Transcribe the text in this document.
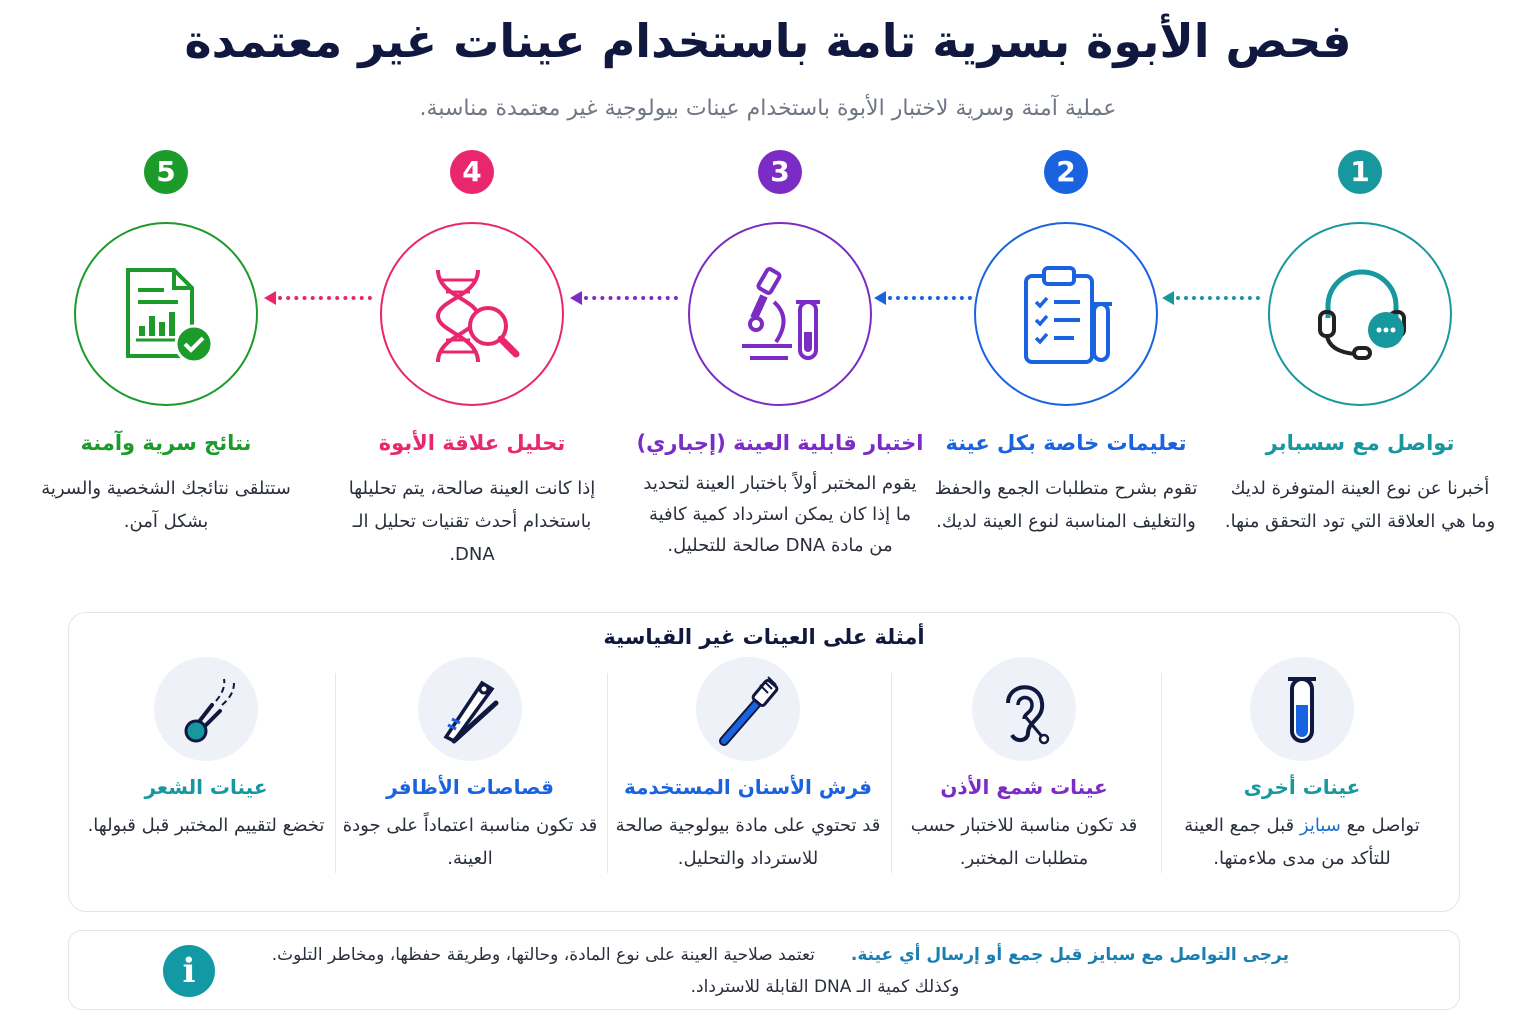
فحص الأبوة بسرية تامة باستخدام عينات غير معتمدة
عملية آمنة وسرية لاختبار الأبوة باستخدام عينات بيولوجية غير معتمدة مناسبة.
1
تواصل مع سسبابر
أخبرنا عن نوع العينة المتوفرة لديك وما هي العلاقة التي تود التحقق منها.
2
تعليمات خاصة بكل عينة
تقوم بشرح متطلبات الجمع والحفظ والتغليف المناسبة لنوع العينة لديك.
3
اختبار قابلية العينة (إجباري)
يقوم المختبر أولاً باختبار العينة لتحديد ما إذا كان يمكن استرداد كمية كافية من مادة DNA صالحة للتحليل.
4
تحليل علاقة الأبوة
إذا كانت العينة صالحة، يتم تحليلها باستخدام أحدث تقنيات تحليل الـ DNA.
5
نتائج سرية وآمنة
ستتلقى نتائجك الشخصية والسرية بشكل آمن.
أمثلة على العينات غير القياسية
عينات أخرى
تواصل مع سبايز قبل جمع العينة للتأكد من مدى ملاءمتها.
عينات شمع الأذن
قد تكون مناسبة للاختبار حسب متطلبات المختبر.
فرش الأسنان المستخدمة
قد تحتوي على مادة بيولوجية صالحة للاسترداد والتحليل.
قصاصات الأظافر
قد تكون مناسبة اعتماداً على جودة العينة.
عينات الشعر
تخضع لتقييم المختبر قبل قبولها.
i	يرجى التواصل مع سبايز قبل جمع أو إرسال أي عينة.تعتمد صلاحية العينة على نوع المادة، وحالتها، وطريقة حفظها، ومخاطر التلوث.
وكذلك كمية الـ DNA القابلة للاسترداد.
